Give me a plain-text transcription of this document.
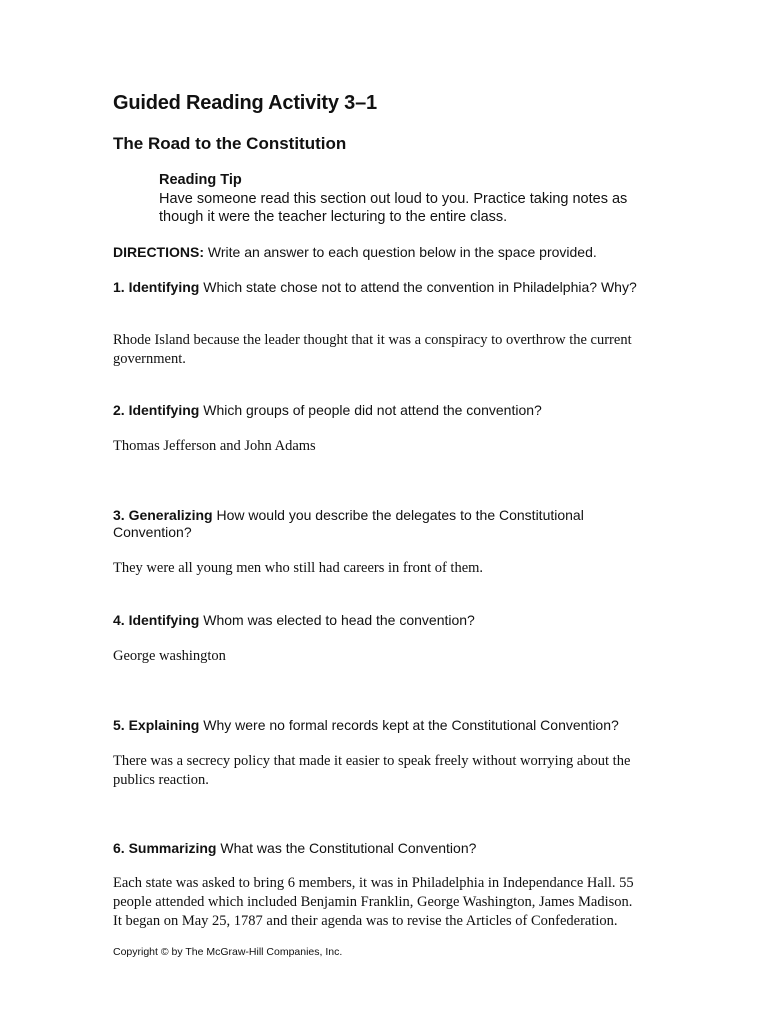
Guided Reading Activity 3–1
The Road to the Constitution
Reading Tip
Have someone read this section out loud to you. Practice taking notes as
though it were the teacher lecturing to the entire class.

DIRECTIONS: Write an answer to each question below in the space provided.

1. Identifying Which state chose not to attend the convention in Philadelphia? Why?

Rhode Island because the leader thought that it was a conspiracy to overthrow the current
government.

2. Identifying Which groups of people did not attend the convention?

Thomas Jefferson and John Adams
3. Generalizing How would you describe the delegates to the Constitutional
Convention?
They were all young men who still had careers in front of them.

4. Identifying Whom was elected to head the convention?

George washington

5. Explaining Why were no formal records kept at the Constitutional Convention?

There was a secrecy policy that made it easier to speak freely without worrying about the
publics reaction.

6. Summarizing What was the Constitutional Convention?

Each state was asked to bring 6 members, it was in Philadelphia in Independance Hall. 55
people attended which included Benjamin Franklin, George Washington, James Madison.
It began on May 25, 1787 and their agenda was to revise the Articles of Confederation.

Copyright © by The McGraw-Hill Companies, Inc.
